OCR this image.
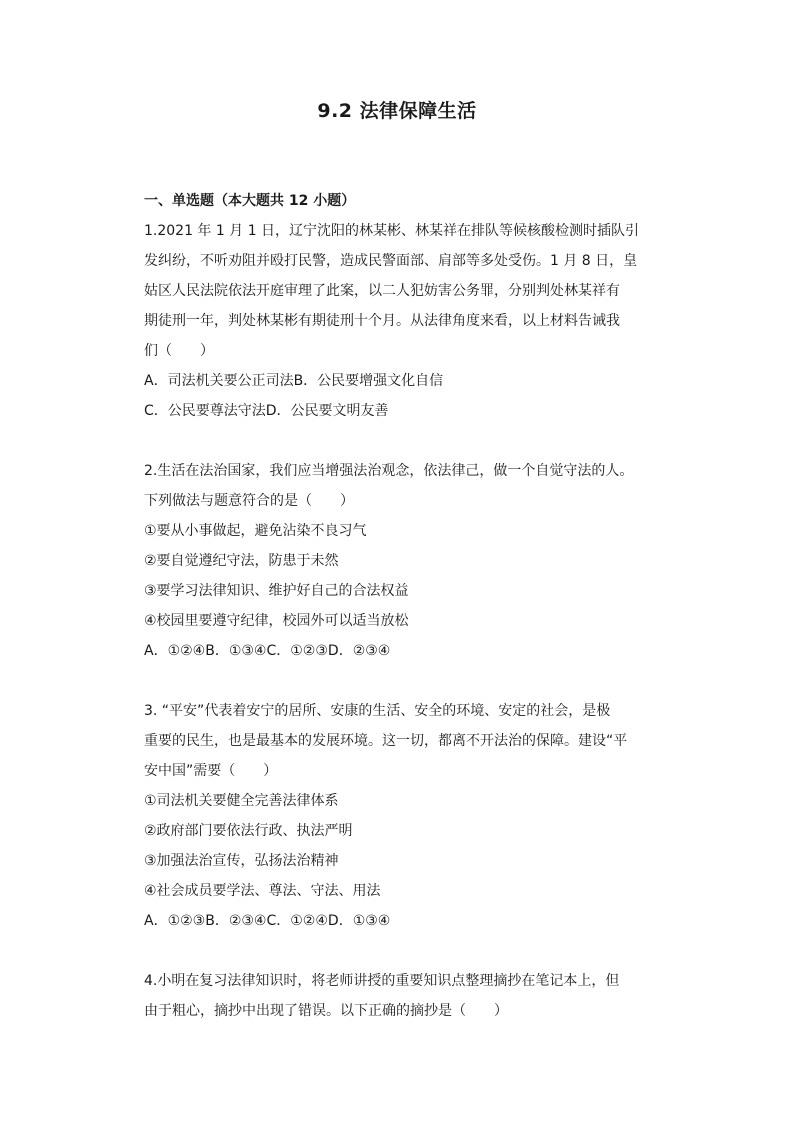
9.2 法律保障生活
一、单选题（本大题共 12 小题）
1.2021 年 1 月 1 日，辽宁沈阳的林某彬、林某祥在排队等候核酸检测时插队引
发纠纷，不听劝阻并殴打民警，造成民警面部、肩部等多处受伤。1 月 8 日，皇
姑区人民法院依法开庭审理了此案，以二人犯妨害公务罪，分别判处林某祥有
期徒刑一年，判处林某彬有期徒刑十个月。从法律角度来看，以上材料告诫我
们（　　）
A．司法机关要公正司法B．公民要增强文化自信
C．公民要尊法守法D．公民要文明友善
2.生活在法治国家，我们应当增强法治观念，依法律己，做一个自觉守法的人。
下列做法与题意符合的是（　　）
①要从小事做起，避免沾染不良习气
②要自觉遵纪守法，防患于未然
③要学习法律知识、维护好自己的合法权益
④校园里要遵守纪律，校园外可以适当放松
A．①②④B．①③④C．①②③D．②③④
3. “平安”代表着安宁的居所、安康的生活、安全的环境、安定的社会，是极
重要的民生，也是最基本的发展环境。这一切，都离不开法治的保障。建设“平
安中国”需要（　　）
①司法机关要健全完善法律体系
②政府部门要依法行政、执法严明
③加强法治宣传，弘扬法治精神
④社会成员要学法、尊法、守法、用法
A．①②③B．②③④C．①②④D．①③④
4.小明在复习法律知识时，将老师讲授的重要知识点整理摘抄在笔记本上，但
由于粗心，摘抄中出现了错误。以下正确的摘抄是（　　）
